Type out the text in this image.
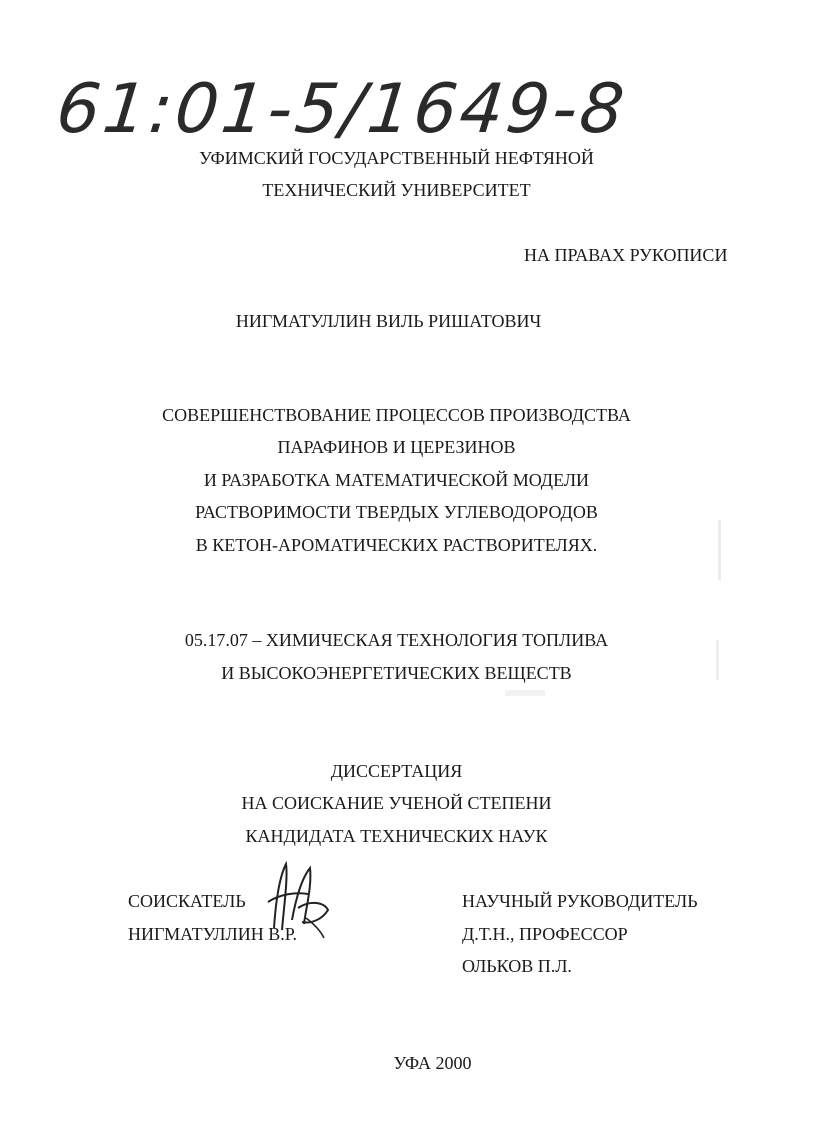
61:01-5/1649-8
УФИМСКИЙ ГОСУДАРСТВЕННЫЙ НЕФТЯНОЙ
ТЕХНИЧЕСКИЙ УНИВЕРСИТЕТ
НА ПРАВАХ РУКОПИСИ
НИГМАТУЛЛИН ВИЛЬ РИШАТОВИЧ
СОВЕРШЕНСТВОВАНИЕ ПРОЦЕССОВ ПРОИЗВОДСТВА
ПАРАФИНОВ И ЦЕРЕЗИНОВ
И РАЗРАБОТКА МАТЕМАТИЧЕСКОЙ МОДЕЛИ
РАСТВОРИМОСТИ ТВЕРДЫХ УГЛЕВОДОРОДОВ
В КЕТОН-АРОМАТИЧЕСКИХ РАСТВОРИТЕЛЯХ.
05.17.07 – ХИМИЧЕСКАЯ ТЕХНОЛОГИЯ ТОПЛИВА
И ВЫСОКОЭНЕРГЕТИЧЕСКИХ ВЕЩЕСТВ
ДИССЕРТАЦИЯ
НА СОИСКАНИЕ УЧЕНОЙ СТЕПЕНИ
КАНДИДАТА ТЕХНИЧЕСКИХ НАУК
СОИСКАТЕЛЬ
НИГМАТУЛЛИН В.Р.
НАУЧНЫЙ РУКОВОДИТЕЛЬ
Д.Т.Н., ПРОФЕССОР
ОЛЬКОВ П.Л.
УФА 2000
